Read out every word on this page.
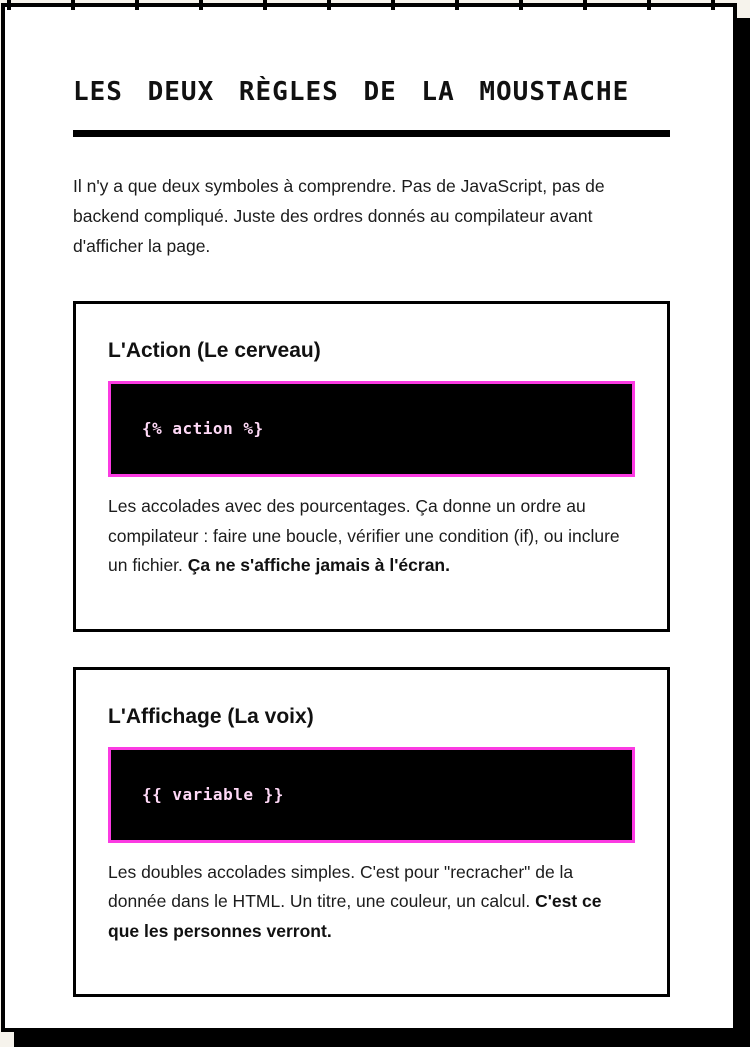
LES DEUX RÈGLES DE LA MOUSTACHE

Il n'y a que deux symboles à comprendre. Pas de JavaScript, pas de backend compliqué. Juste des ordres donnés au compilateur avant d'afficher la page.

L'Action (Le cerveau)
{% action %}

Les accolades avec des pourcentages. Ça donne un ordre au compilateur : faire une boucle, vérifier une condition (if), ou inclure un fichier. Ça ne s'affiche jamais à l'écran.

L'Affichage (La voix)
{{ variable }}

Les doubles accolades simples. C'est pour "recracher" de la donnée dans le HTML. Un titre, une couleur, un calcul. C'est ce que les personnes verront.
